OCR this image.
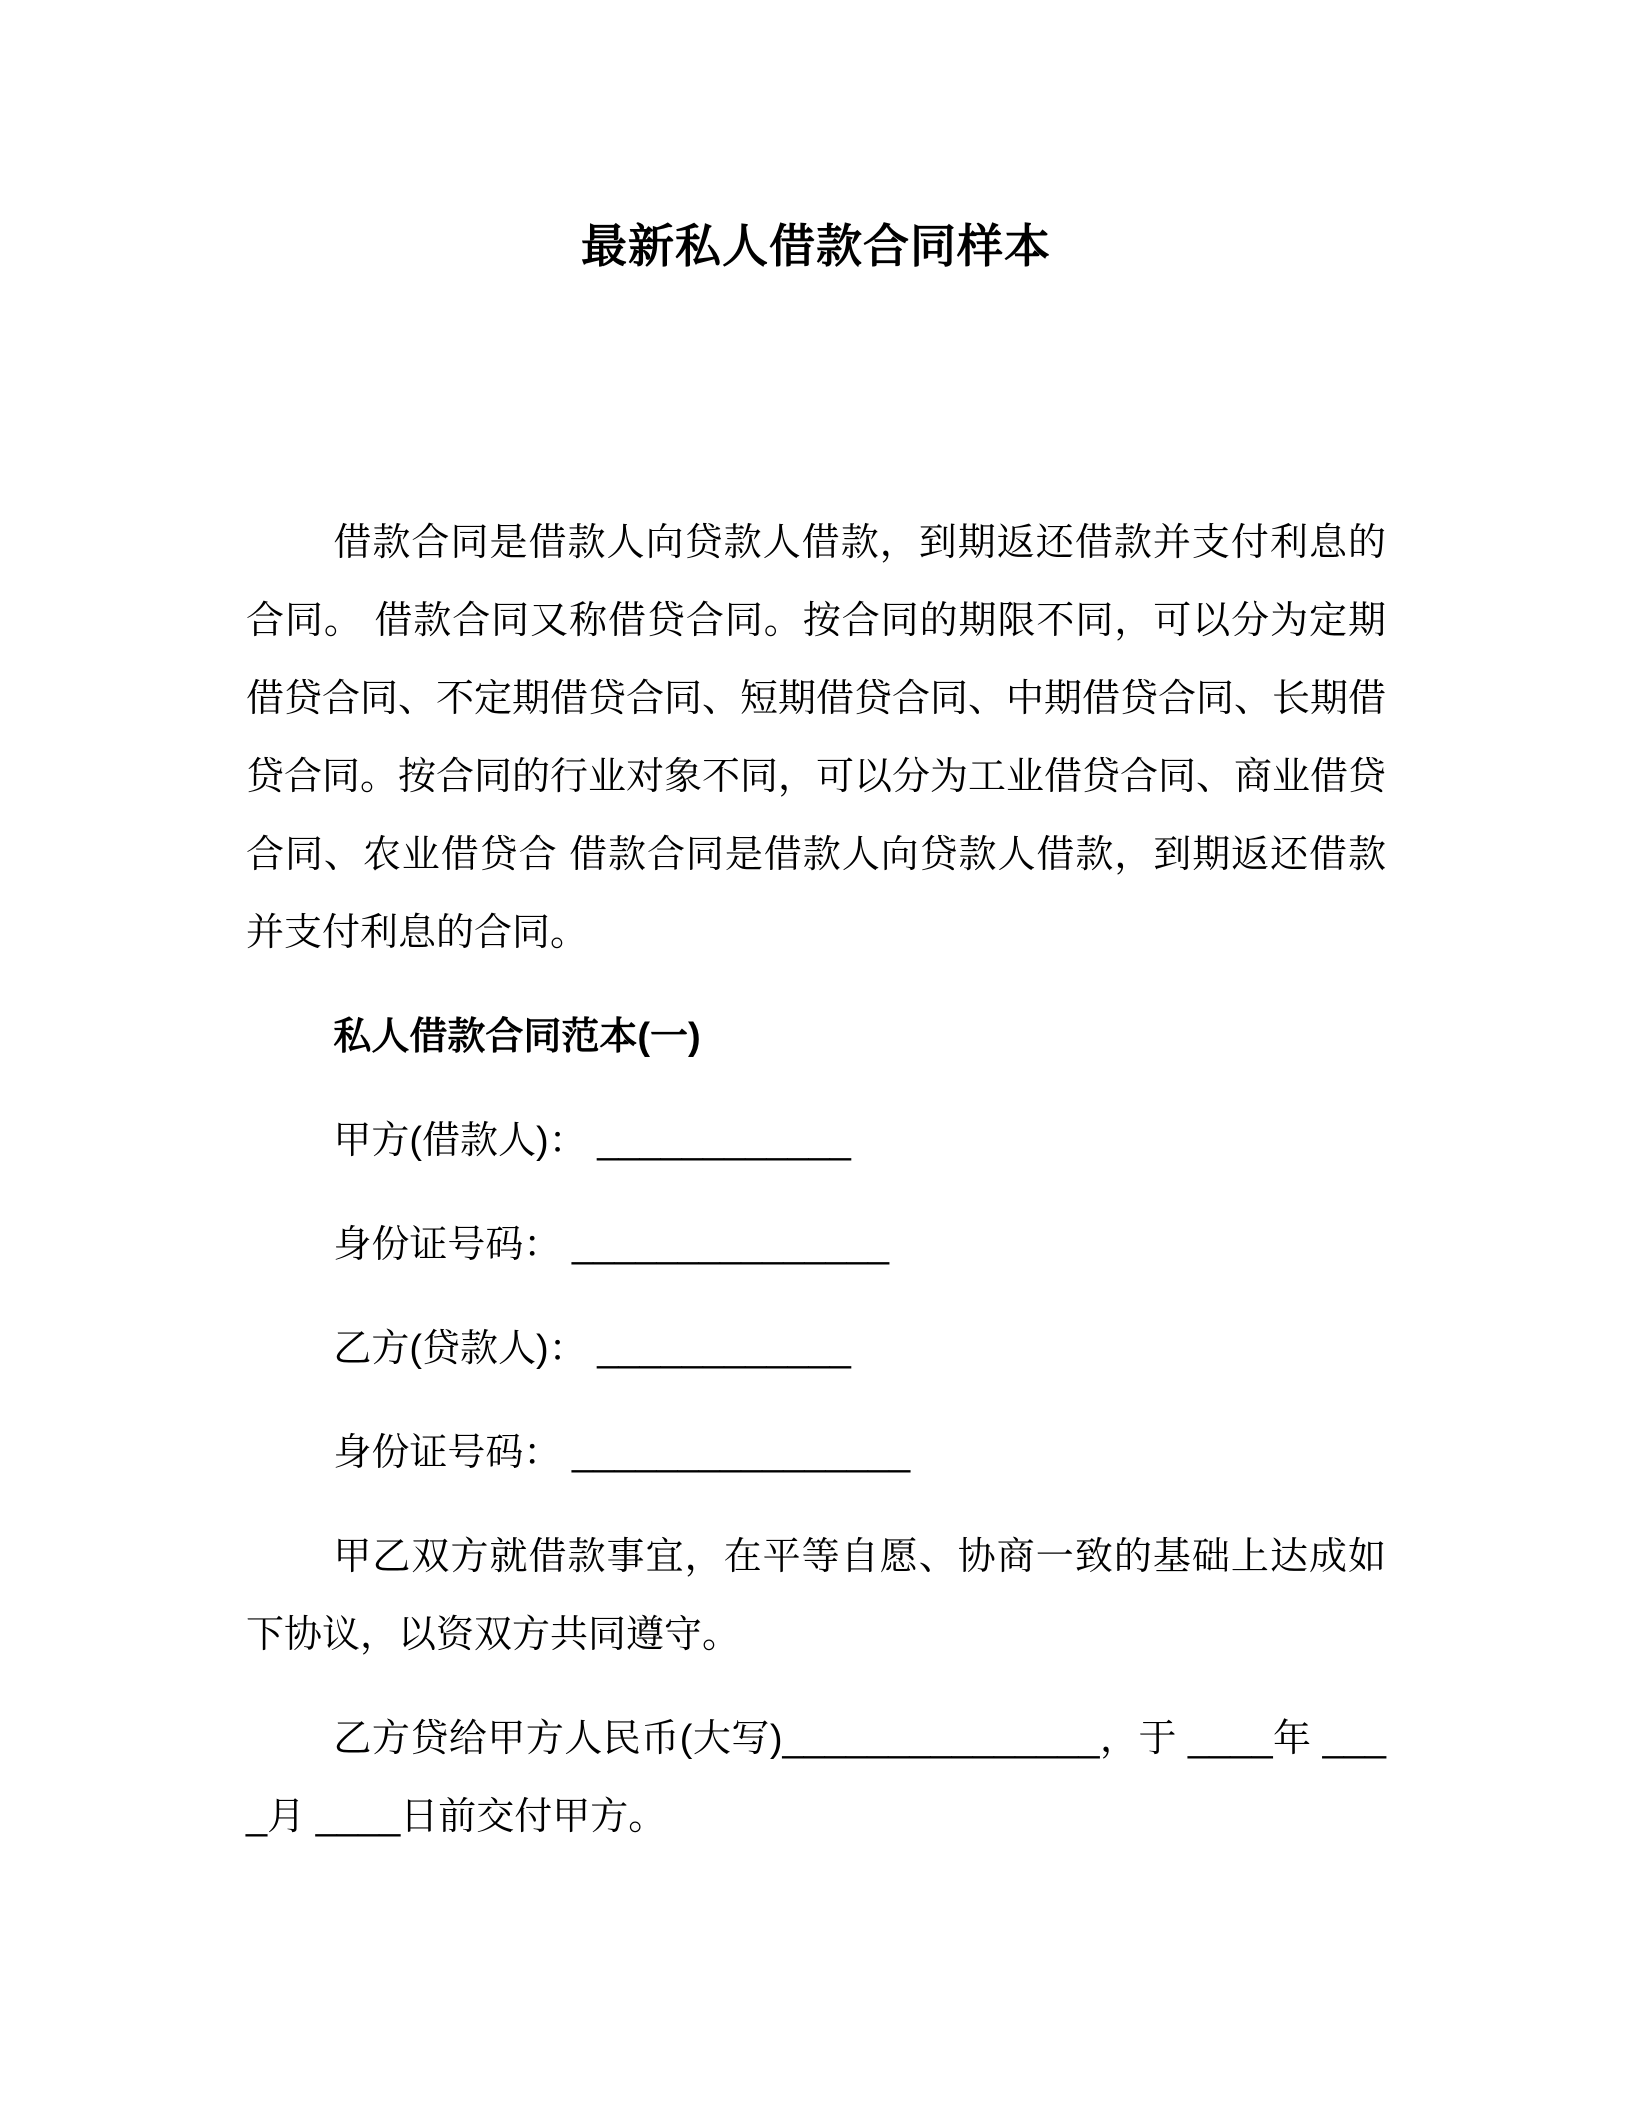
最新私人借款合同样本

借款合同是借款人向贷款人借款，到期返还借款并支付利息的合同。 借款合同又称借贷合同。按合同的期限不同，可以分为定期借贷合同、不定期借贷合同、短期借贷合同、中期借贷合同、长期借贷合同。按合同的行业对象不同，可以分为工业借贷合同、商业借贷合同、农业借贷合 借款合同是借款人向贷款人借款，到期返还借款并支付利息的合同。

私人借款合同范本(一)

甲方(借款人)： ____________

身份证号码： _______________

乙方(贷款人)： ____________

身份证号码： ________________

甲乙双方就借款事宜，在平等自愿、协商一致的基础上达成如下协议，以资双方共同遵守。

乙方贷给甲方人民币(大写)_______________，于 ____年 ____月 ____日前交付甲方。
